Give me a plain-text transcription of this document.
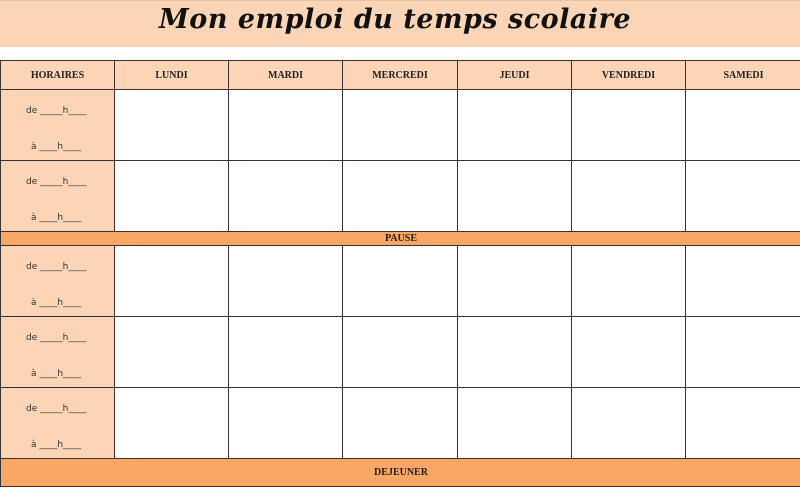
Mon emploi du temps scolaire
HORAIRES	LUNDI	MARDI	MERCREDI	JEUDI	VENDREDI	SAMEDI

de _____h____
à ____h____						

de _____h____
à ____h____						

PAUSE						

de _____h____
à ____h____						

de _____h____
à ____h____						

de _____h____
à ____h____						

DEJEUNER						
